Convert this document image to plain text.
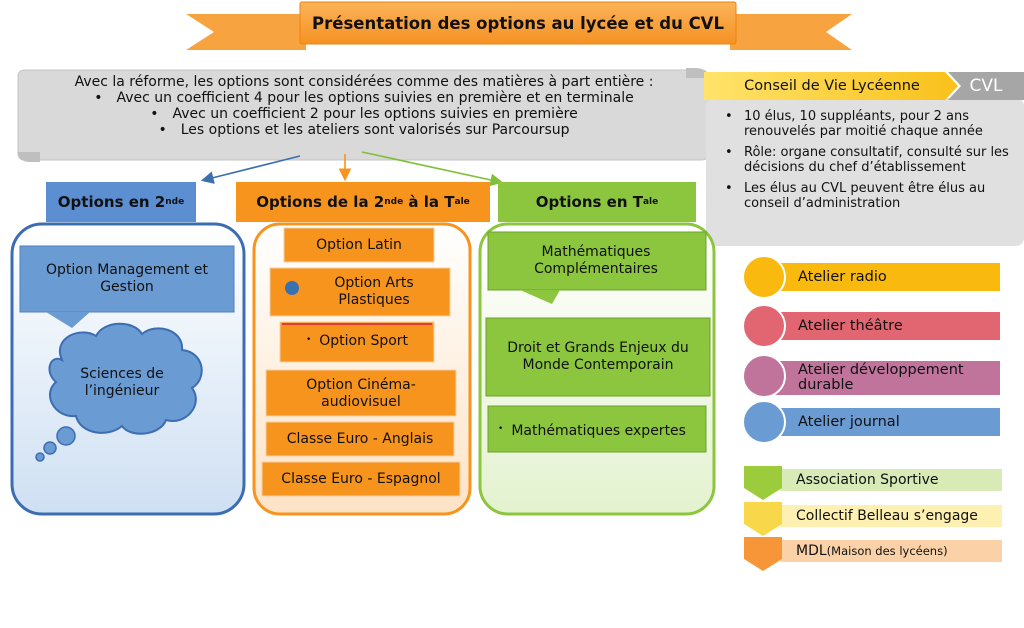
Présentation des options au lycée et du CVL
Avec la réforme, les options sont considérées comme des matières à part entière :
• Avec un coefficient 4 pour les options suivies en première et en terminale
• Avec un coefficient 2 pour les options suivies en première
• Les options et les ateliers sont valorisés sur Parcoursup
Conseil de Vie Lycéenne	CVL
• 10 élus, 10 suppléants, pour 2 ans renouvelés par moitié chaque année
• Rôle: organe consultatif, consulté sur les décisions du chef d’établissement
• Les élus au CVL peuvent être élus au conseil d’administration
Options en 2 nde	Options de la 2 nde à la T ale	Options en T ale
Option Management et Gestion
Sciences de l’ingénieur
Option Latin
Option Arts Plastiques
• Option Sport
Option Cinéma-audiovisuel
Classe Euro - Anglais
Classe Euro - Espagnol
Mathématiques Complémentaires
Droit et Grands Enjeux du Monde Contemporain
•
Mathématiques expertes
Atelier radio
Atelier théâtre
Atelier développement durable
Atelier journal
Association Sportive
Collectif Belleau s’engage
MDL (Maison des lycéens)
